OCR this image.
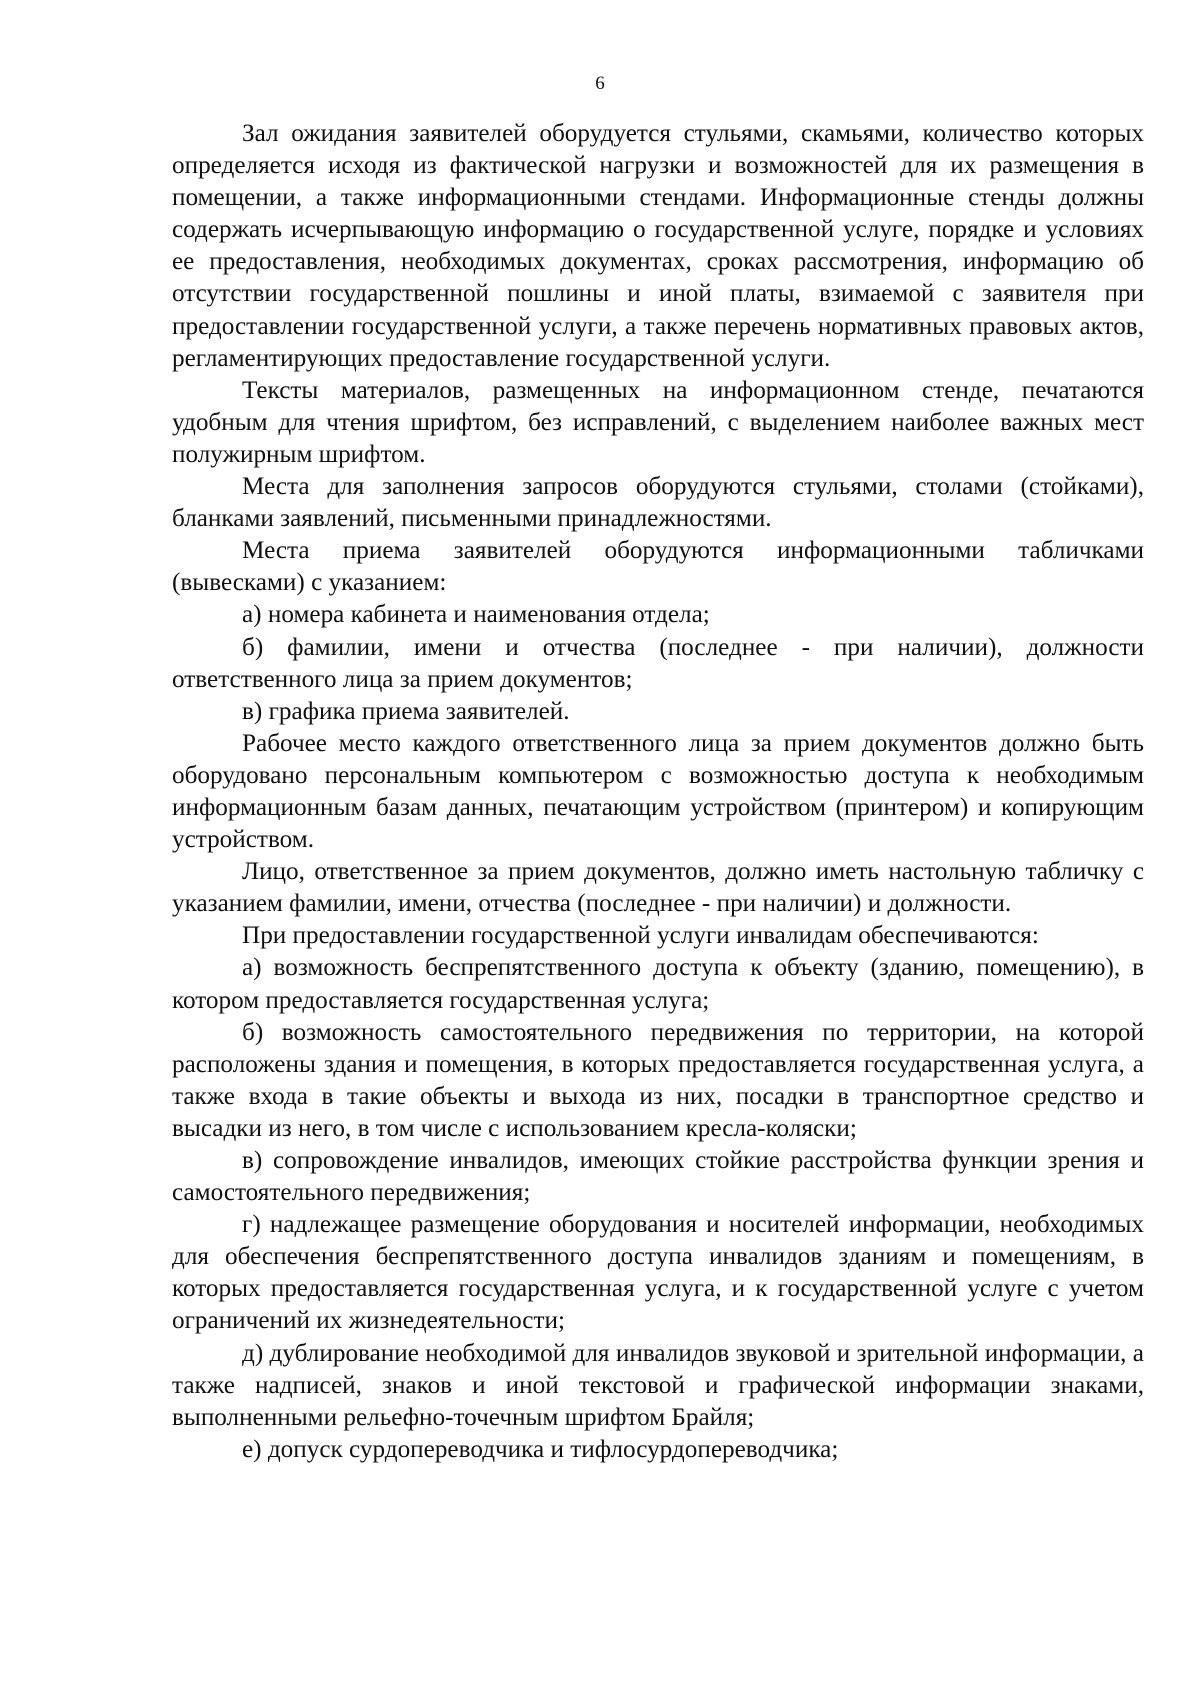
6

Зал ожидания заявителей оборудуется стульями, скамьями, количество которых определяется исходя из фактической нагрузки и возможностей для их размещения в помещении, а также информационными стендами. Информационные стенды должны содержать исчерпывающую информацию о государственной услуге, порядке и условиях ее предоставления, необходимых документах, сроках рассмотрения, информацию об отсутствии государственной пошлины и иной платы, взимаемой с заявителя при предоставлении государственной услуги, а также перечень нормативных правовых актов, регламентирующих предоставление государственной услуги.

Тексты материалов, размещенных на информационном стенде, печатаются удобным для чтения шрифтом, без исправлений, с выделением наиболее важных мест полужирным шрифтом.

Места для заполнения запросов оборудуются стульями, столами (стойками), бланками заявлений, письменными принадлежностями.

Места приема заявителей оборудуются информационными табличками (вывесками) с указанием:

а) номера кабинета и наименования отдела;

б) фамилии, имени и отчества (последнее - при наличии), должности ответственного лица за прием документов;

в) графика приема заявителей.

Рабочее место каждого ответственного лица за прием документов должно быть оборудовано персональным компьютером с возможностью доступа к необходимым информационным базам данных, печатающим устройством (принтером) и копирующим устройством.

Лицо, ответственное за прием документов, должно иметь настольную табличку с указанием фамилии, имени, отчества (последнее - при наличии) и должности.

При предоставлении государственной услуги инвалидам обеспечиваются:

а) возможность беспрепятственного доступа к объекту (зданию, помещению), в котором предоставляется государственная услуга;

б) возможность самостоятельного передвижения по территории, на которой расположены здания и помещения, в которых предоставляется государственная услуга, а также входа в такие объекты и выхода из них, посадки в транспортное средство и высадки из него, в том числе с использованием кресла-коляски;

в) сопровождение инвалидов, имеющих стойкие расстройства функции зрения и самостоятельного передвижения;

г) надлежащее размещение оборудования и носителей информации, необходимых для обеспечения беспрепятственного доступа инвалидов зданиям и помещениям, в которых предоставляется государственная услуга, и к государственной услуге с учетом ограничений их жизнедеятельности;

д) дублирование необходимой для инвалидов звуковой и зрительной информации, а также надписей, знаков и иной текстовой и графической информации знаками, выполненными рельефно-точечным шрифтом Брайля;

е) допуск сурдопереводчика и тифлосурдопереводчика;
